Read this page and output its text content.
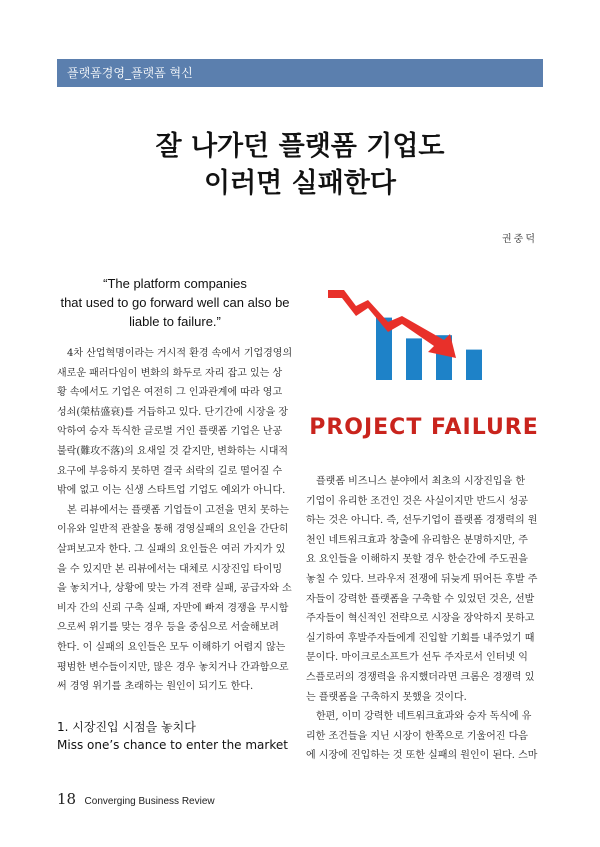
플랫폼경영_플랫폼 혁신
잘 나가던 플랫폼 기업도
이러면 실패한다
권중덕
“The platform companies
that used to go forward well can also be
liable to failure.”
PROJECT FAILURE

4차 산업혁명이라는 거시적 환경 속에서 기업경영의
새로운 패러다임이 변화의 화두로 자리 잡고 있는 상
황 속에서도 기업은 여전히 그 인과관계에 따라 영고
성쇠(榮枯盛衰)를 거듭하고 있다. 단기간에 시장을 장
악하여 승자 독식한 글로벌 거인 플랫폼 기업은 난공
불락(難攻不落)의 요새일 것 같지만, 변화하는 시대적
요구에 부응하지 못하면 결국 쇠락의 길로 떨어질 수
밖에 없고 이는 신생 스타트업 기업도 예외가 아니다.

본 리뷰에서는 플랫폼 기업들이 고전을 면치 못하는
이유와 일반적 관찰을 통해 경영실패의 요인을 간단히
살펴보고자 한다. 그 실패의 요인들은 여러 가지가 있
을 수 있지만 본 리뷰에서는 대체로 시장진입 타이밍
을 놓치거나, 상황에 맞는 가격 전략 실패, 공급자와 소
비자 간의 신뢰 구축 실패, 자만에 빠져 경쟁을 무시함
으로써 위기를 맞는 경우 등을 중심으로 서술해보려
한다. 이 실패의 요인들은 모두 이해하기 어렵지 않는
평범한 변수들이지만, 많은 경우 놓치거나 간과함으로
써 경영 위기를 초래하는 원인이 되기도 한다.

1. 시장진입 시점을 놓치다
Miss one’s chance to enter the market

플랫폼 비즈니스 분야에서 최초의 시장진입을 한
기업이 유리한 조건인 것은 사실이지만 반드시 성공
하는 것은 아니다. 즉, 선두기업이 플랫폼 경쟁력의 원
천인 네트워크효과 창출에 유리함은 분명하지만, 주
요 요인들을 이해하지 못할 경우 한순간에 주도권을
놓칠 수 있다. 브라우저 전쟁에 뒤늦게 뛰어든 후발 주
자들이 강력한 플랫폼을 구축할 수 있었던 것은, 선발
주자들이 혁신적인 전략으로 시장을 장악하지 못하고
실기하여 후발주자들에게 진입할 기회를 내주었기 때
문이다. 마이크로소프트가 선두 주자로서 인터넷 익
스플로러의 경쟁력을 유지했더라면 크롬은 경쟁력 있
는 플랫폼을 구축하지 못했을 것이다.

한편, 이미 강력한 네트워크효과와 승자 독식에 유
리한 조건들을 지닌 시장이 한쪽으로 기울어진 다음
에 시장에 진입하는 것 또한 실패의 원인이 된다. 스마

18 Converging Business Review
